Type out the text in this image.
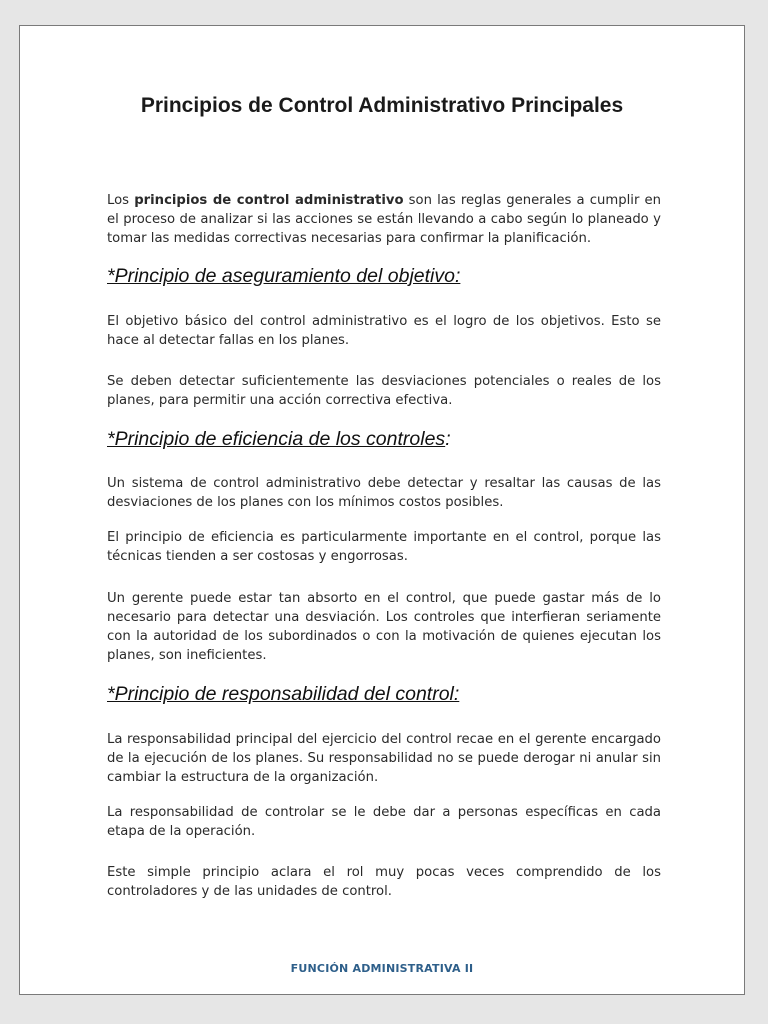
Principios de Control Administrativo Principales

Los principios de control administrativo son las reglas generales a cumplir en el proceso de analizar si las acciones se están llevando a cabo según lo planeado y tomar las medidas correctivas necesarias para confirmar la planificación.

*Principio de aseguramiento del objetivo:

El objetivo básico del control administrativo es el logro de los objetivos. Esto se hace al detectar fallas en los planes.

Se deben detectar suficientemente las desviaciones potenciales o reales de los planes, para permitir una acción correctiva efectiva.

*Principio de eficiencia de los controles:

Un sistema de control administrativo debe detectar y resaltar las causas de las desviaciones de los planes con los mínimos costos posibles.

El principio de eficiencia es particularmente importante en el control, porque las técnicas tienden a ser costosas y engorrosas.

Un gerente puede estar tan absorto en el control, que puede gastar más de lo necesario para detectar una desviación. Los controles que interfieran seriamente con la autoridad de los subordinados o con la motivación de quienes ejecutan los planes, son ineficientes.

*Principio de responsabilidad del control:

La responsabilidad principal del ejercicio del control recae en el gerente encargado de la ejecución de los planes. Su responsabilidad no se puede derogar ni anular sin cambiar la estructura de la organización.

La responsabilidad de controlar se le debe dar a personas específicas en cada etapa de la operación.

Este simple principio aclara el rol muy pocas veces comprendido de los controladores y de las unidades de control.

FUNCIÓN ADMINISTRATIVA II
